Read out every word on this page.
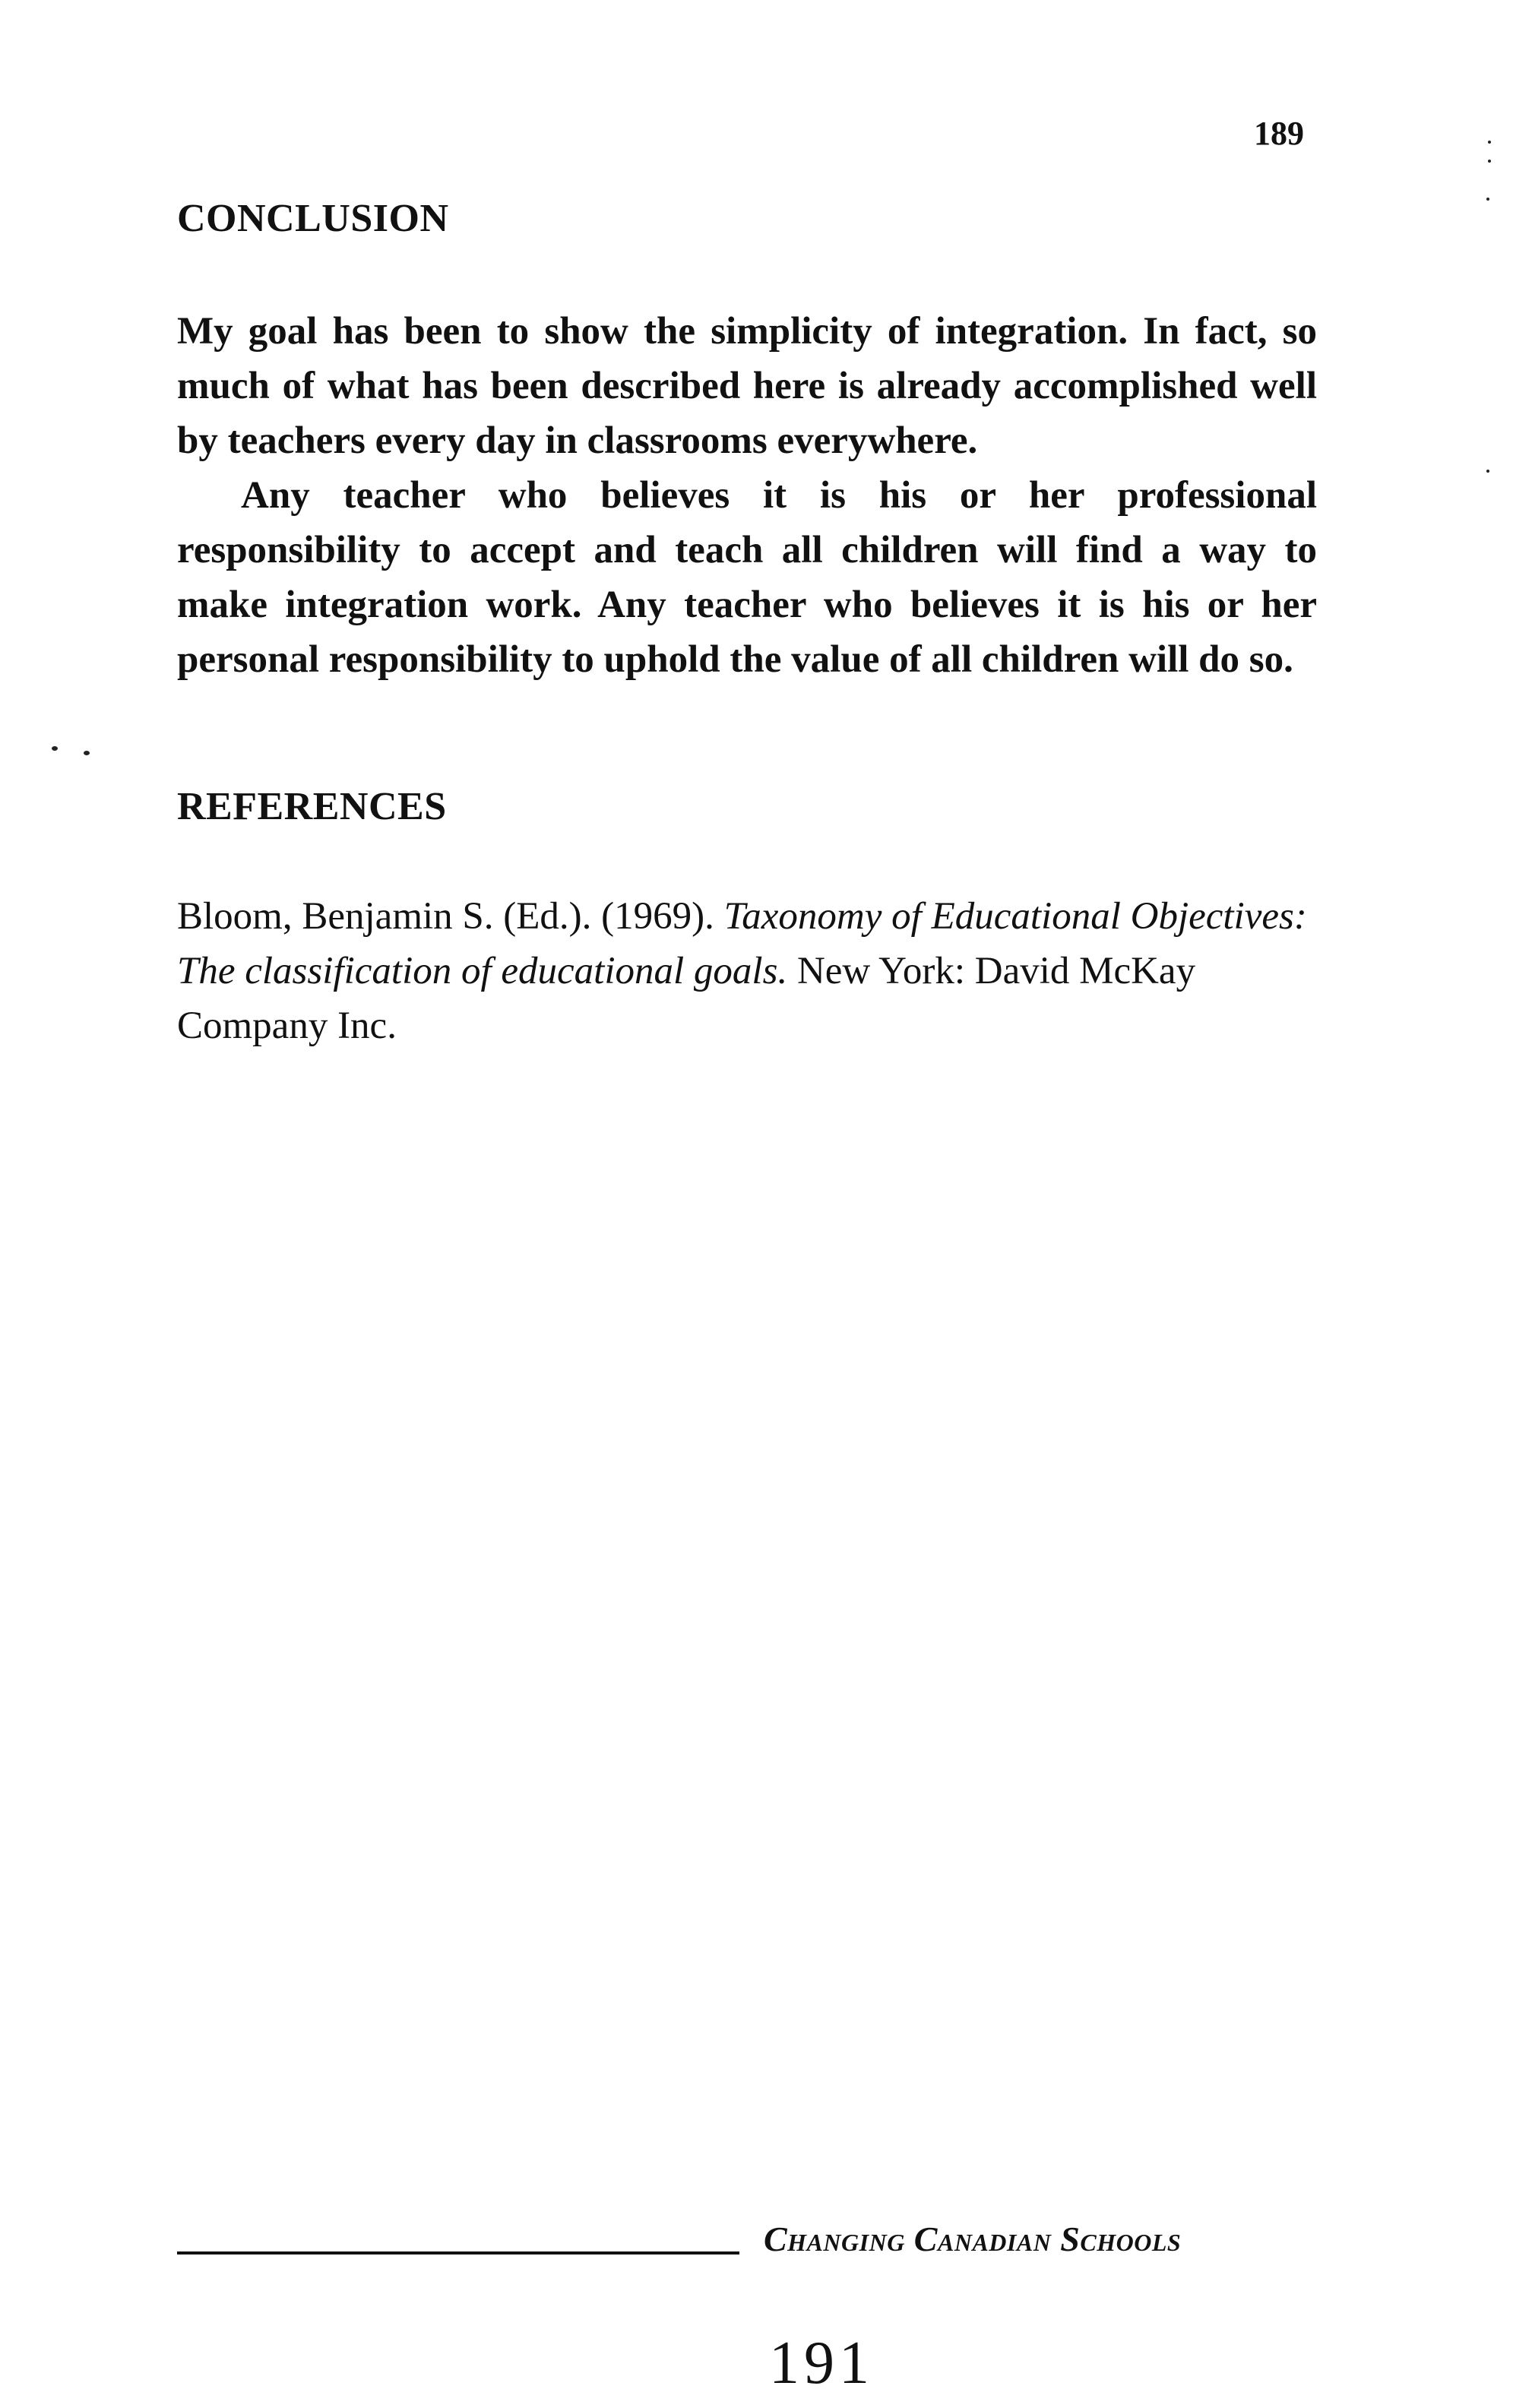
189
CONCLUSION

My goal has been to show the simplicity of integration. In fact, so much of what has been described here is already accomplished well by teachers every day in classrooms everywhere.

Any teacher who believes it is his or her professional responsibility to accept and teach all children will find a way to make integration work. Any teacher who believes it is his or her personal responsibility to uphold the value of all children will do so.

REFERENCES
Bloom, Benjamin S. (Ed.). (1969). Taxonomy of Educational Objectives: The classification of educational goals. New York: David McKay Company Inc.
Changing Canadian Schools
191
